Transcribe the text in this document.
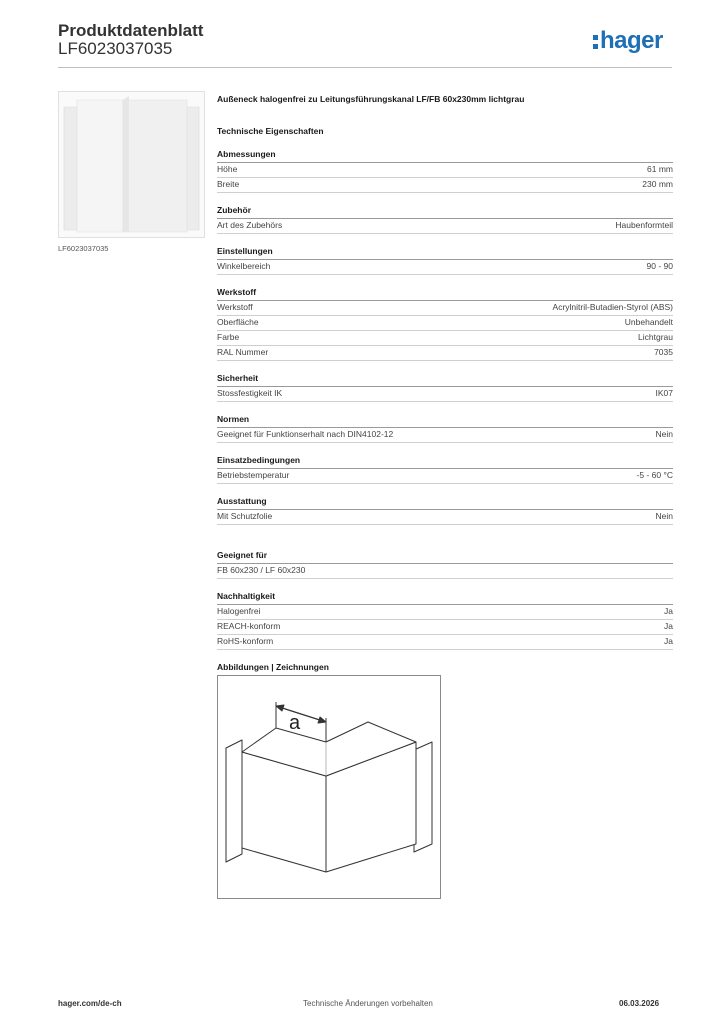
Produktdatenblatt
LF6023037035	hager
LF6023037035
Außeneck halogenfrei zu Leitungsführungskanal LF/FB 60x230mm lichtgrau
Technische Eigenschaften
Abmessungen
Höhe	61 mm
Breite	230 mm
Zubehör
Art des Zubehörs	Haubenformteil
Einstellungen
Winkelbereich	90 - 90
Werkstoff
Werkstoff	Acrylnitril-Butadien-Styrol (ABS)
Oberfläche	Unbehandelt
Farbe	Lichtgrau
RAL Nummer	7035
Sicherheit
Stossfestigkeit IK	IK07
Normen
Geeignet für Funktionserhalt nach DIN4102-12	Nein
Einsatzbedingungen
Betriebstemperatur	-5 - 60 °C
Ausstattung
Mit Schutzfolie	Nein
Geeignet für
FB 60x230 / LF 60x230
Nachhaltigkeit
Halogenfrei	Ja
REACH-konform	Ja
RoHS-konform	Ja
Abbildungen | Zeichnungen
a
hager.com/de-ch	Technische Änderungen vorbehalten	06.03.2026
